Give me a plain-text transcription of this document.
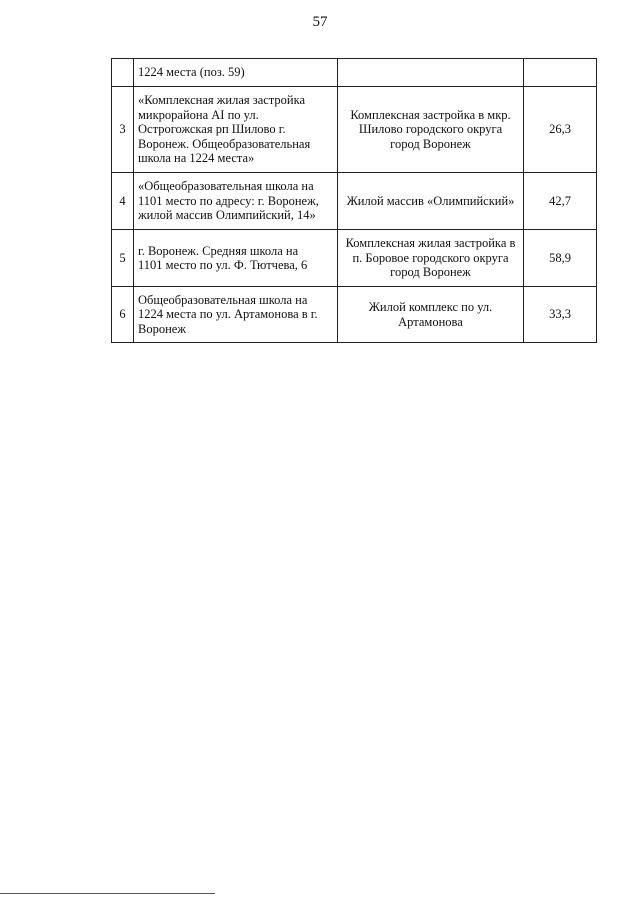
57
	1224 места (поз. 59)		
3	«Комплексная жилая застройка
микрорайона AI по ул.
Острогожская рп Шилово г.
Воронеж. Общеобразовательная
школа на 1224 места»	Комплексная застройка в мкр.
Шилово городского округа
город Воронеж	26,3
4	«Общеобразовательная школа на
1101 место по адресу: г. Воронеж,
жилой массив Олимпийский, 14»	Жилой массив «Олимпийский»	42,7
5	г. Воронеж. Средняя школа на
1101 место по ул. Ф. Тютчева, 6	Комплексная жилая застройка в
п. Боровое городского округа
город Воронеж	58,9
6	Общеобразовательная школа на
1224 места по ул. Артамонова в г.
Воронеж	Жилой комплекс по ул.
Артамонова	33,3
